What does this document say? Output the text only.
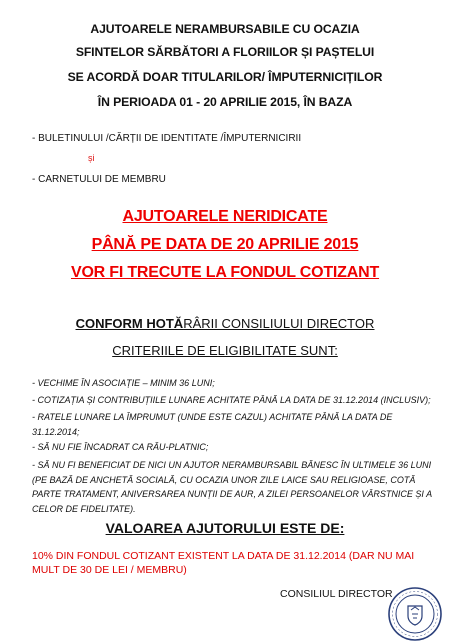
AJUTOARELE NERAMBURSABILE CU OCAZIA
SFINTELOR SĂRBĂTORI A FLORIILOR ȘI PAȘTELUI
SE ACORDĂ DOAR TITULARILOR/ ÎMPUTERNICIȚILOR
ÎN PERIOADA 01 - 20 APRILIE 2015, ÎN BAZA
- BULETINULUI /CĂRȚII DE IDENTITATE /ÎMPUTERNICIRII
și
- CARNETULUI DE MEMBRU
AJUTOARELE NERIDICATE
PÂNĂ PE DATA DE 20 APRILIE 2015
VOR FI TRECUTE LA FONDUL COTIZANT
CONFORM HOTĂRÂRII CONSILIULUI DIRECTOR
CRITERIILE DE ELIGIBILITATE SUNT:
- VECHIME ÎN ASOCIAȚIE – MINIM 36 LUNI;
- COTIZAȚIA ȘI CONTRIBUȚIILE LUNARE ACHITATE PÂNĂ LA DATA DE 31.12.2014 (INCLUSIV);
- RATELE LUNARE LA ÎMPRUMUT (UNDE ESTE CAZUL) ACHITATE PÂNĂ LA DATA DE 31.12.2014;
- SĂ NU FIE ÎNCADRAT CA RĂU-PLATNIC;
- SĂ NU FI BENEFICIAT DE NICI UN AJUTOR NERAMBURSABIL BĂNESC ÎN ULTIMELE 36 LUNI (PE BAZĂ DE ANCHETĂ SOCIALĂ, CU OCAZIA UNOR ZILE LAICE SAU RELIGIOASE, COTĂ PARTE TRATAMENT, ANIVERSAREA NUNȚII DE AUR, A ZILEI PERSOANELOR VÂRSTNICE ȘI A CELOR DE FIDELITATE).
VALOAREA AJUTORULUI ESTE DE:
10% DIN FONDUL COTIZANT EXISTENT LA DATA DE 31.12.2014 (DAR NU MAI MULT DE 30 DE LEI / MEMBRU)
CONSILIUL DIRECTOR
